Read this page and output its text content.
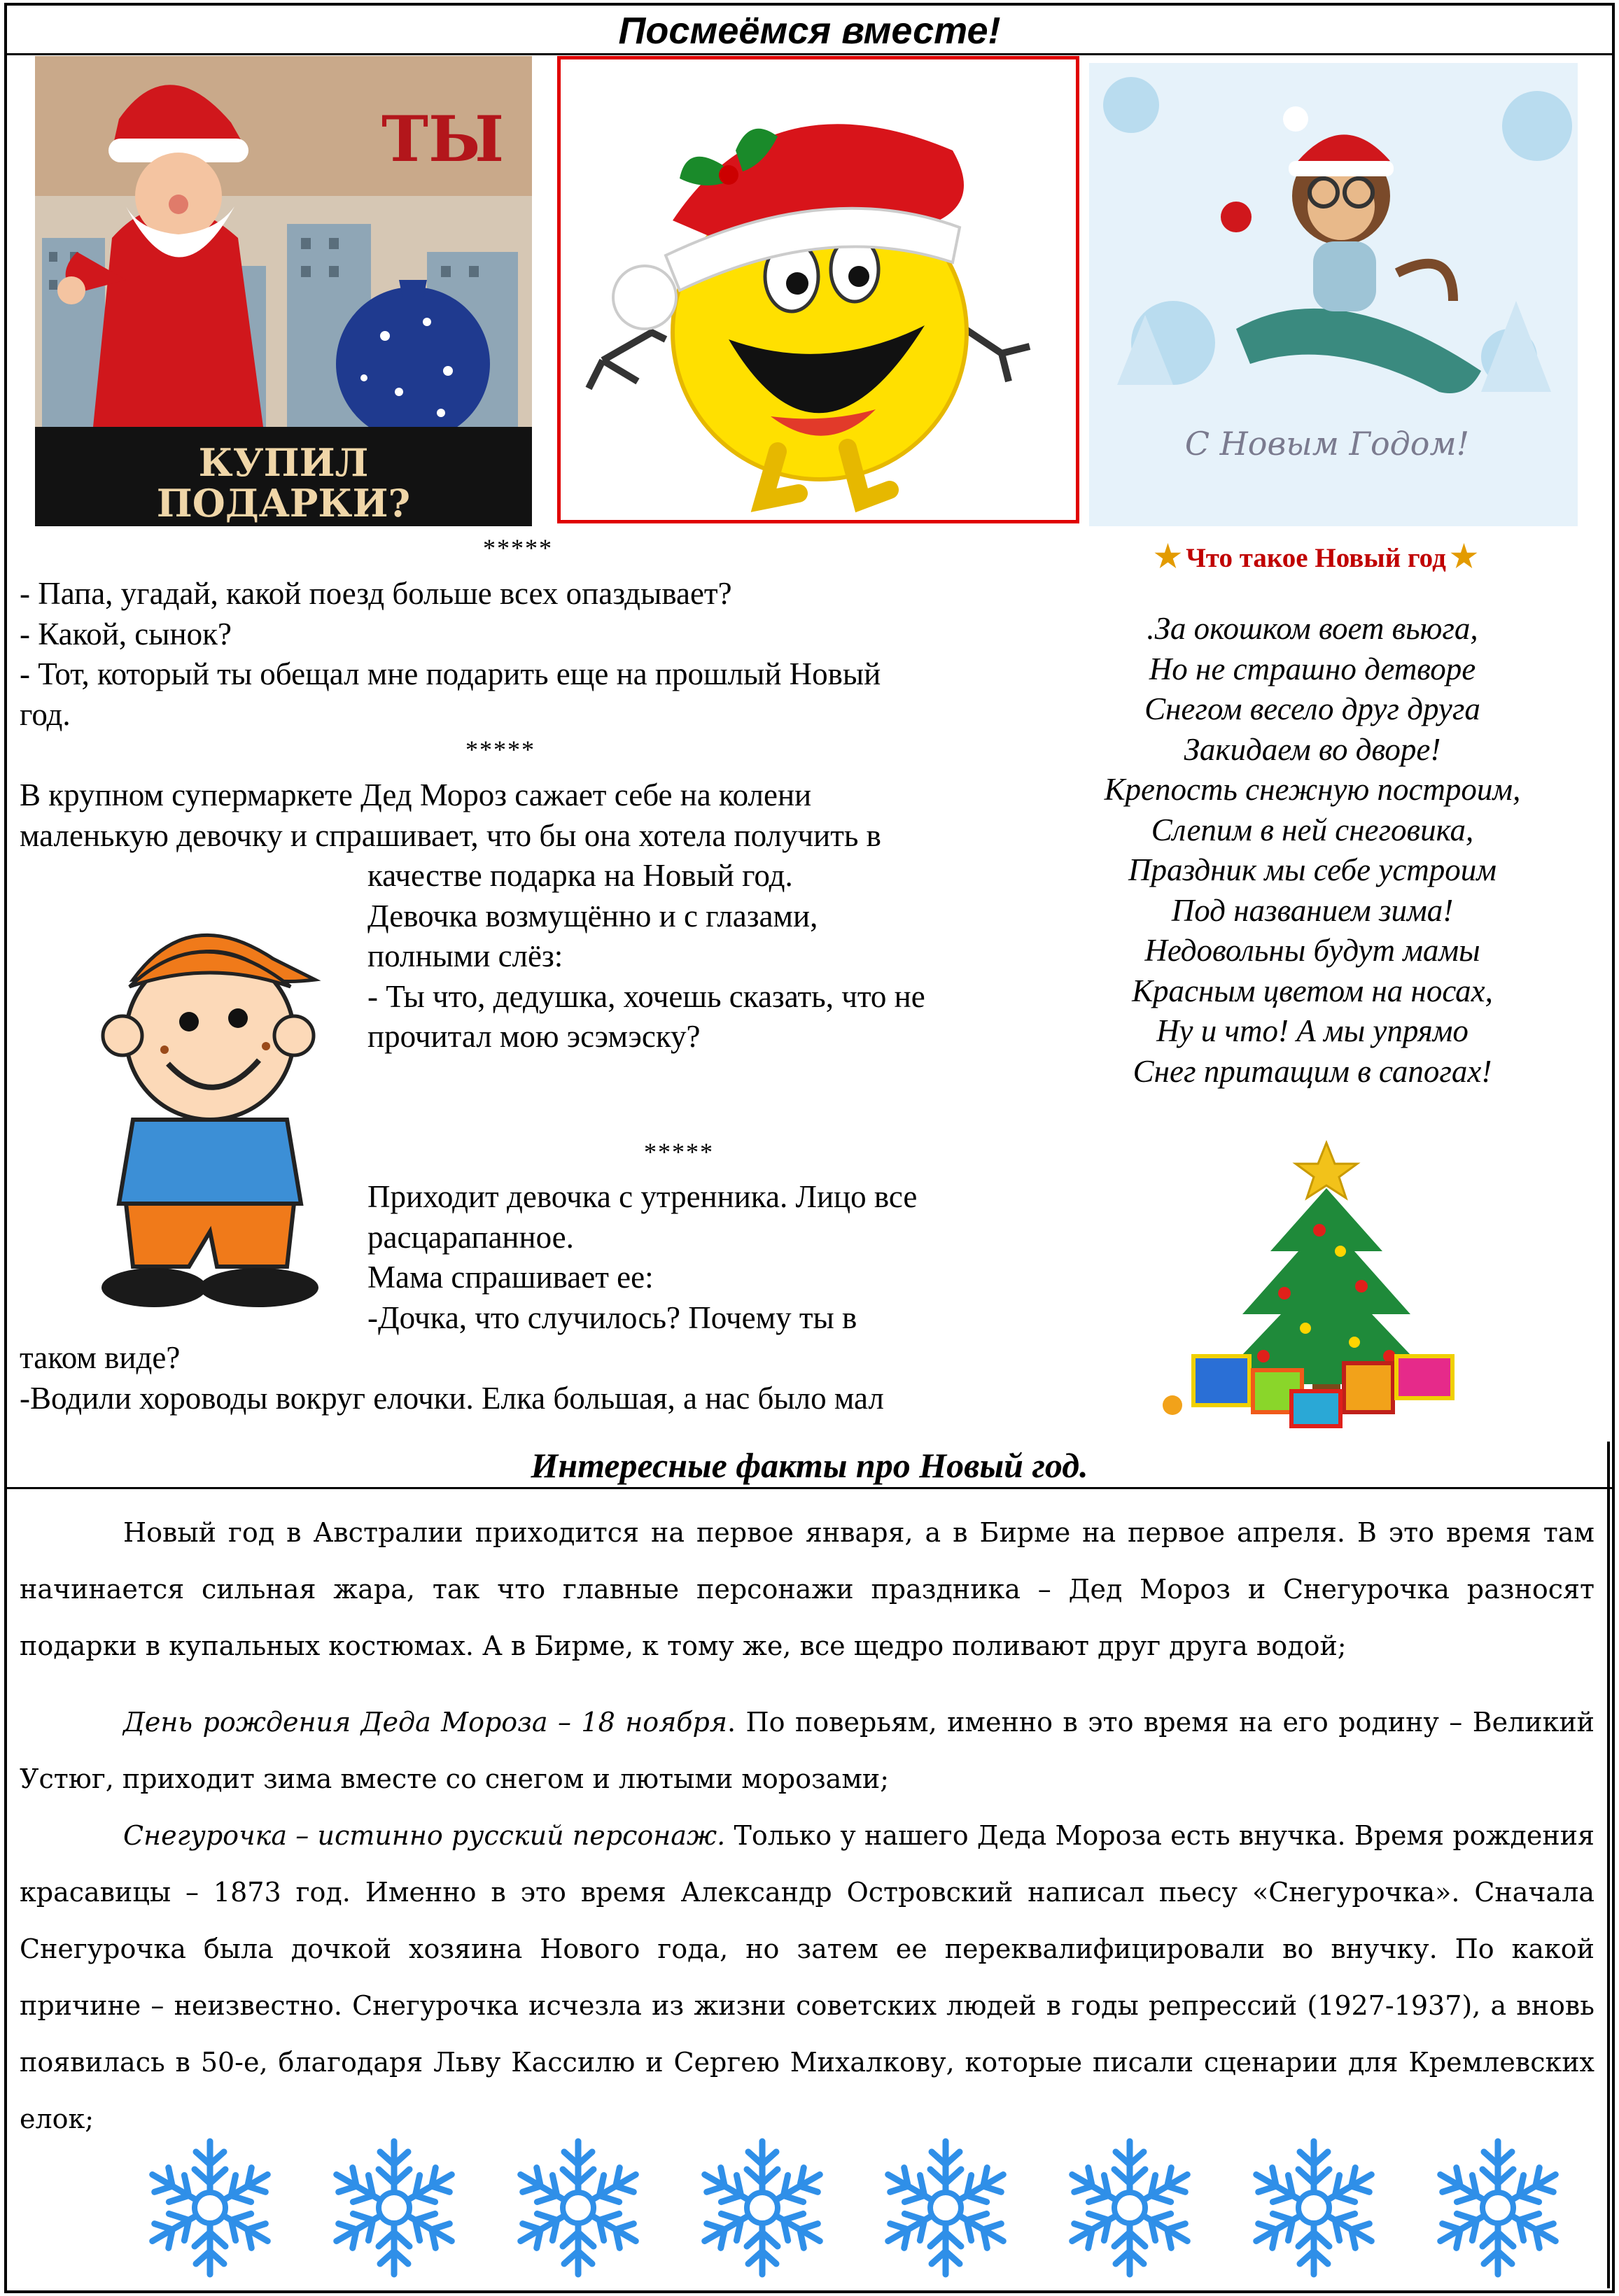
Посмеёмся вместе!
ТЫ
КУПИЛ
ПОДАРКИ?
С Новым Годом!
*****

- Папа, угадай, какой поезд больше всех опаздывает?

- Какой, сынок?

- Тот, который ты обещал мне подарить еще на прошлый Новый

год.

*****

В крупном супермаркете Дед Мороз сажает себе на колени

маленькую девочку и спрашивает, что бы она хотела получить в

качестве подарка на Новый год.

Девочка возмущённо и с глазами,

полными слёз:

- Ты что, дедушка, хочешь сказать, что не

прочитал мою эсэмэску?

*****

Приходит девочка с утренника. Лицо все

расцарапанное.

Мама спрашивает ее:

-Дочка, что случилось? Почему ты в

таком виде?

-Водили хороводы вокруг елочки. Елка большая, а нас было мал

★ Что такое Новый год ★

.За окошком воет вьюга,

Но не страшно детворе

Снегом весело друг друга

Закидаем во дворе!

Крепость снежную построим,

Слепим в ней снеговика,

Праздник мы себе устроим

Под названием зима!

Недовольны будут мамы

Красным цветом на носах,

Ну и что! А мы упрямо

Снег притащим в сапогах!

Интересные факты про Новый год.

Новый год в Австралии приходится на первое января, а в Бирме на первое апреля. В это время там начинается сильная жара, так что главные персонажи праздника – Дед Мороз и Снегурочка разносят подарки в купальных костюмах. А в Бирме, к тому же, все щедро поливают друг друга водой;

День рождения Деда Мороза – 18 ноября. По поверьям, именно в это время на его родину – Великий Устюг, приходит зима вместе со снегом и лютыми морозами;

Снегурочка – истинно русский персонаж. Только у нашего Деда Мороза есть внучка. Время рождения красавицы – 1873 год. Именно в это время Александр Островский написал пьесу «Снегурочка». Сначала Снегурочка была дочкой хозяина Нового года, но затем ее переквалифицировали во внучку. По какой причине – неизвестно. Снегурочка исчезла из жизни советских людей в годы репрессий (1927-1937), а вновь появилась в 50-е, благодаря Льву Кассилю и Сергею Михалкову, которые писали сценарии для Кремлевских елок;
